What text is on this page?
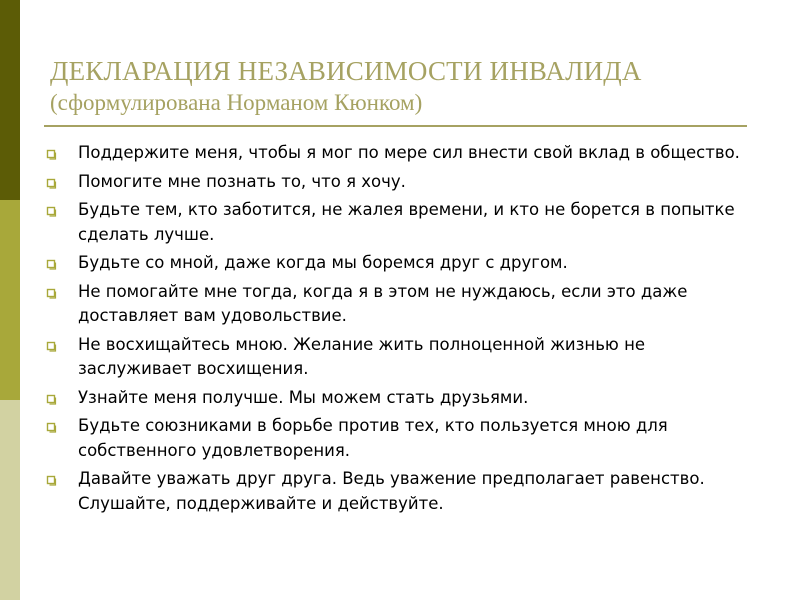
ДЕКЛАРАЦИЯ НЕЗАВИСИМОСТИ ИНВАЛИДА
(сформулирована Норманом Кюнком)
Поддержите меня, чтобы я мог по мере сил внести свой вклад в общество.
Помогите мне познать то, что я хочу.
Будьте тем, кто заботится, не жалея времени, и кто не борется в попытке сделать лучше.
Будьте со мной, даже когда мы боремся друг с другом.
Не помогайте мне тогда, когда я в этом не нуждаюсь, если это даже доставляет вам удовольствие.
Не восхищайтесь мною. Желание жить полноценной жизнью не заслуживает восхищения.
Узнайте меня получше. Мы можем стать друзьями.
Будьте союзниками в борьбе против тех, кто пользуется мною для собственного удовлетворения.
Давайте уважать друг друга. Ведь уважение предполагает равенство. Слушайте, поддерживайте и действуйте.
